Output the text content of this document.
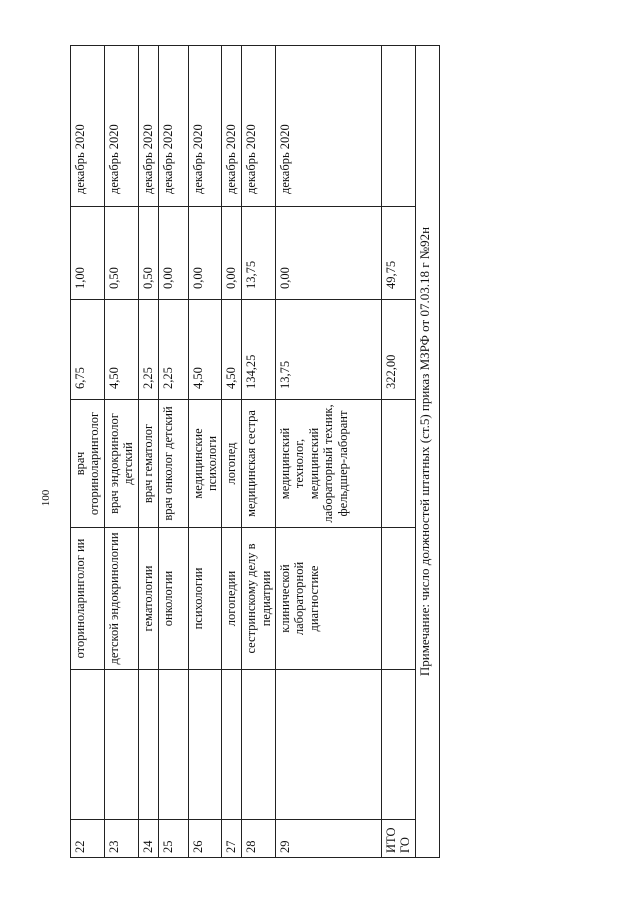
100
22		оториноларинголог ии	врач оториноларинголог	6,75	1,00	декабрь 2020
23		детской эндокринологии	врач эндокринолог детский	4,50	0,50	декабрь 2020
24		гематологии	врач гематолог	2,25	0,50	декабрь 2020
25		онкологии	врач онколог детский	2,25	0,00	декабрь 2020
26		психологии	медицинские психологи	4,50	0,00	декабрь 2020
27		логопедии	логопед	4,50	0,00	декабрь 2020
28		сестринскому делу в педиатрии	медицинская сестра	134,25	13,75	декабрь 2020
29		клинической лабораторной диагностике	медицинский технолог, медицинский лабораторный техник, фельдшер-лаборант	13,75	0,00	декабрь 2020
ИТО ГО				322,00	49,75	
Примечание: число должностей штатных (ст.5) приказ МЗРФ от 07.03.18 г №92н						
